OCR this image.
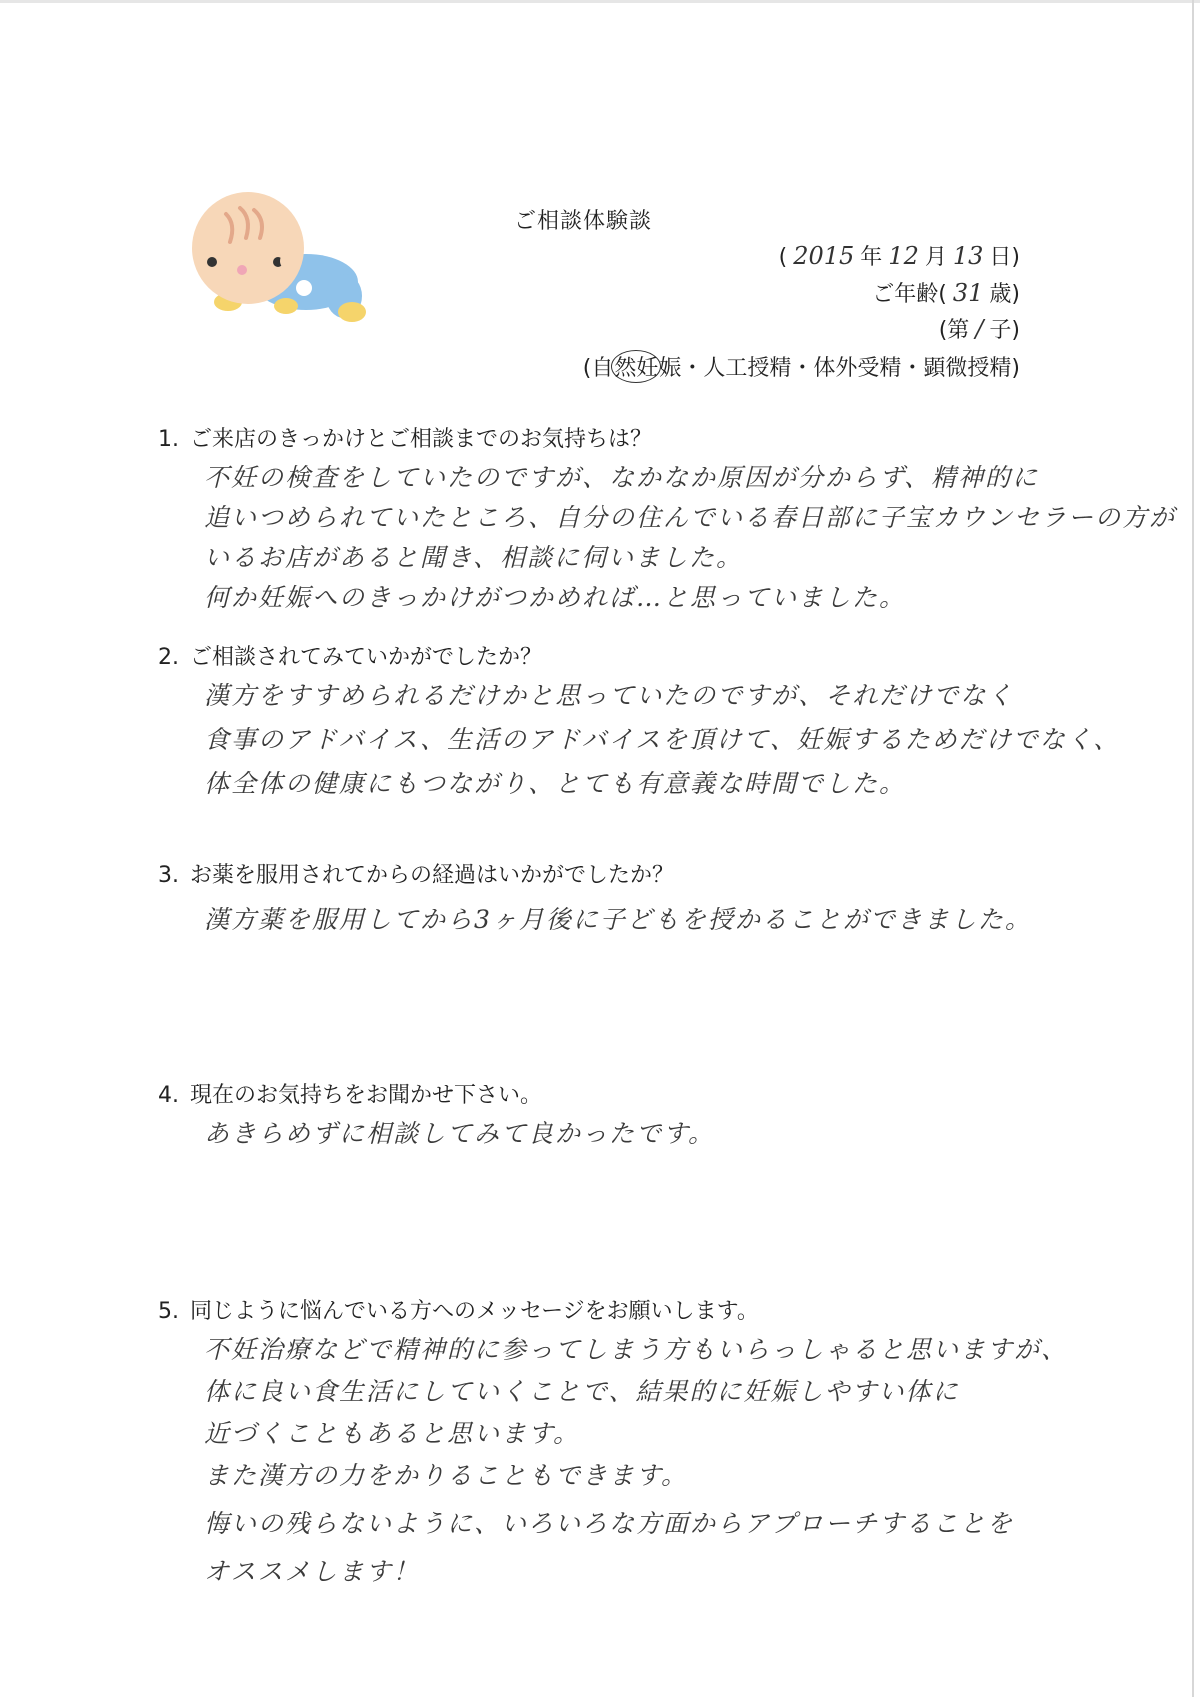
ご相談体験談
( 2015 年 12 月 13 日)
ご年齢( 31 歳)
(第 / 子)
(自然妊娠・人工授精・体外受精・顕微授精)
1. ご来店のきっかけとご相談までのお気持ちは？
不妊の検査をしていたのですが、なかなか原因が分からず、精神的に
追いつめられていたところ、自分の住んでいる春日部に子宝カウンセラーの方が
いるお店があると聞き、相談に伺いました。
何か妊娠へのきっかけがつかめれば…と思っていました。
2. ご相談されてみていかがでしたか？
漢方をすすめられるだけかと思っていたのですが、それだけでなく
食事のアドバイス、生活のアドバイスを頂けて、妊娠するためだけでなく、
体全体の健康にもつながり、とても有意義な時間でした。
3. お薬を服用されてからの経過はいかがでしたか？
漢方薬を服用してから3ヶ月後に子どもを授かることができました。
4. 現在のお気持ちをお聞かせ下さい。
あきらめずに相談してみて良かったです。
5. 同じように悩んでいる方へのメッセージをお願いします。
不妊治療などで精神的に参ってしまう方もいらっしゃると思いますが、
体に良い食生活にしていくことで、結果的に妊娠しやすい体に
近づくこともあると思います。
また漢方の力をかりることもできます。
悔いの残らないように、いろいろな方面からアプローチすることを
オススメします！
